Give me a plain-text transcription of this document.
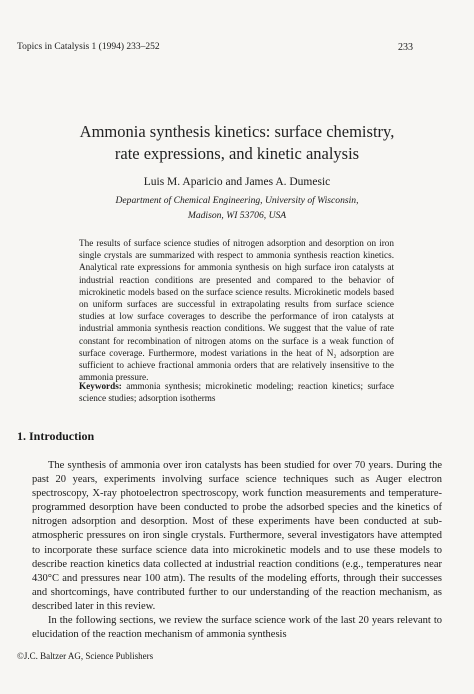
Topics in Catalysis 1 (1994) 233–252	233
Ammonia synthesis kinetics: surface chemistry,
rate expressions, and kinetic analysis
Luis M. Aparicio and James A. Dumesic
Department of Chemical Engineering, University of Wisconsin,
Madison, WI 53706, USA

The results of surface science studies of nitrogen adsorption and desorption on iron single crystals are summarized with respect to ammonia synthesis reaction kinetics. Analytical rate expressions for ammonia synthesis on high surface iron catalysts at industrial reaction conditions are presented and compared to the behavior of microkinetic models based on the surface science results. Microkinetic models based on uniform surfaces are successful in extrapolating results from surface science studies at low surface coverages to describe the performance of iron catalysts at industrial ammonia synthesis reaction conditions. We suggest that the value of rate constant for recombination of nitrogen atoms on the surface is a weak function of surface coverage. Furthermore, modest variations in the heat of N₂ adsorption are sufficient to achieve fractional ammonia orders that are relatively insensitive to the ammonia pressure.

Keywords: ammonia synthesis; microkinetic modeling; reaction kinetics; surface science studies; adsorption isotherms

1. Introduction

The synthesis of ammonia over iron catalysts has been studied for over 70 years. During the past 20 years, experiments involving surface science techniques such as Auger electron spectroscopy, X-ray photoelectron spectroscopy, work function measurements and temperature-programmed desorption have been conducted to probe the adsorbed species and the kinetics of nitrogen adsorption and desorption. Most of these experiments have been conducted at sub-atmospheric pressures on iron single crystals. Furthermore, several investigators have attempted to incorporate these surface science data into microkinetic models and to use these models to describe reaction kinetics data collected at industrial reaction conditions (e.g., temperatures near 430°C and pressures near 100 atm). The results of the modeling efforts, through their successes and shortcomings, have contributed further to our understanding of the reaction mechanism, as described later in this review.

In the following sections, we review the surface science work of the last 20 years relevant to elucidation of the reaction mechanism of ammonia synthesis

©J.C. Baltzer AG, Science Publishers
